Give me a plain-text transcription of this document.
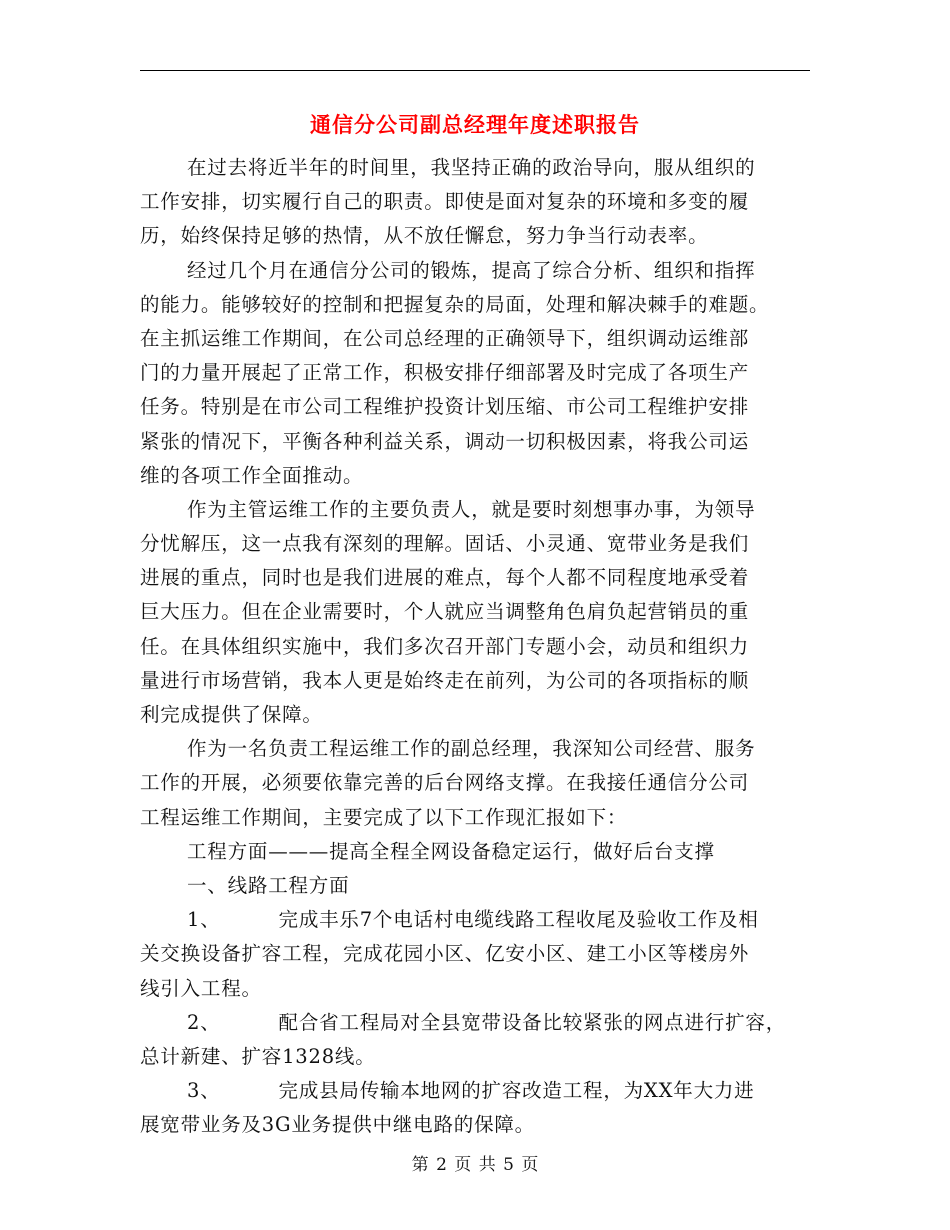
通信分公司副总经理年度述职报告
在过去将近半年的时间里，我坚持正确的政治导向，服从组织的
工作安排，切实履行自己的职责。即使是面对复杂的环境和多变的履
历，始终保持足够的热情，从不放任懈怠，努力争当行动表率。
经过几个月在通信分公司的锻炼，提高了综合分析、组织和指挥
的能力。能够较好的控制和把握复杂的局面，处理和解决棘手的难题。
在主抓运维工作期间，在公司总经理的正确领导下，组织调动运维部
门的力量开展起了正常工作，积极安排仔细部署及时完成了各项生产
任务。特别是在市公司工程维护投资计划压缩、市公司工程维护安排
紧张的情况下，平衡各种利益关系，调动一切积极因素，将我公司运
维的各项工作全面推动。
作为主管运维工作的主要负责人，就是要时刻想事办事，为领导
分忧解压，这一点我有深刻的理解。固话、小灵通、宽带业务是我们
进展的重点，同时也是我们进展的难点，每个人都不同程度地承受着
巨大压力。但在企业需要时，个人就应当调整角色肩负起营销员的重
任。在具体组织实施中，我们多次召开部门专题小会，动员和组织力
量进行市场营销，我本人更是始终走在前列，为公司的各项指标的顺
利完成提供了保障。
作为一名负责工程运维工作的副总经理，我深知公司经营、服务
工作的开展，必须要依靠完善的后台网络支撑。在我接任通信分公司
工程运维工作期间，主要完成了以下工作现汇报如下：
工程方面———提高全程全网设备稳定运行，做好后台支撑
一、线路工程方面
1、	完成丰乐7个电话村电缆线路工程收尾及验收工作及相
关交换设备扩容工程，完成花园小区、亿安小区、建工小区等楼房外
线引入工程。
2、	配合省工程局对全县宽带设备比较紧张的网点进行扩容，
总计新建、扩容1328线。
3、	完成县局传输本地网的扩容改造工程，为XX年大力进
展宽带业务及3G业务提供中继电路的保障。
第 2 页 共 5 页
